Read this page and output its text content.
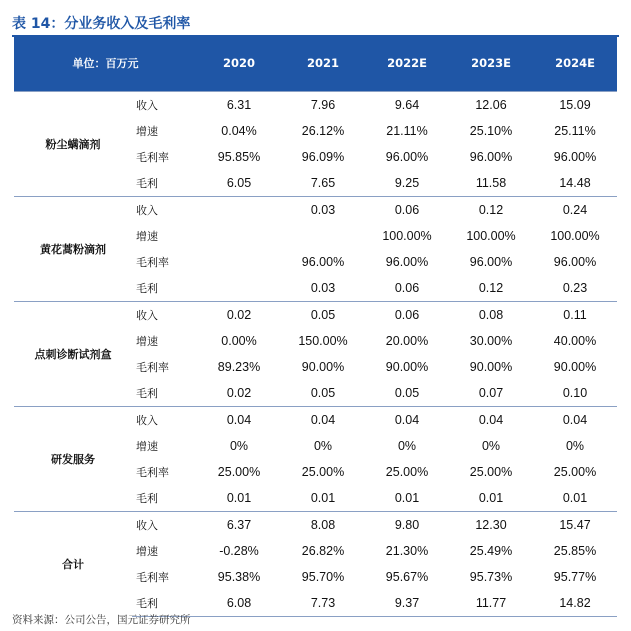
表 14：分业务收入及毛利率
单位：百万元		2020	2021	2022E	2023E	2024E
粉尘螨滴剂	收入	6.31	7.96	9.64	12.06	15.09
	增速	0.04%	26.12%	21.11%	25.10%	25.11%
	毛利率	95.85%	96.09%	96.00%	96.00%	96.00%
	毛利	6.05	7.65	9.25	11.58	14.48
黄花蒿粉滴剂	收入		0.03	0.06	0.12	0.24
	增速			100.00%	100.00%	100.00%
	毛利率		96.00%	96.00%	96.00%	96.00%
	毛利		0.03	0.06	0.12	0.23
点刺诊断试剂盒	收入	0.02	0.05	0.06	0.08	0.11
	增速	0.00%	150.00%	20.00%	30.00%	40.00%
	毛利率	89.23%	90.00%	90.00%	90.00%	90.00%
	毛利	0.02	0.05	0.05	0.07	0.10
研发服务	收入	0.04	0.04	0.04	0.04	0.04
	增速	0%	0%	0%	0%	0%
	毛利率	25.00%	25.00%	25.00%	25.00%	25.00%
	毛利	0.01	0.01	0.01	0.01	0.01
合计	收入	6.37	8.08	9.80	12.30	15.47
	增速	-0.28%	26.82%	21.30%	25.49%	25.85%
	毛利率	95.38%	95.70%	95.67%	95.73%	95.77%
	毛利	6.08	7.73	9.37	11.77	14.82
资料来源：公司公告，国元证券研究所
